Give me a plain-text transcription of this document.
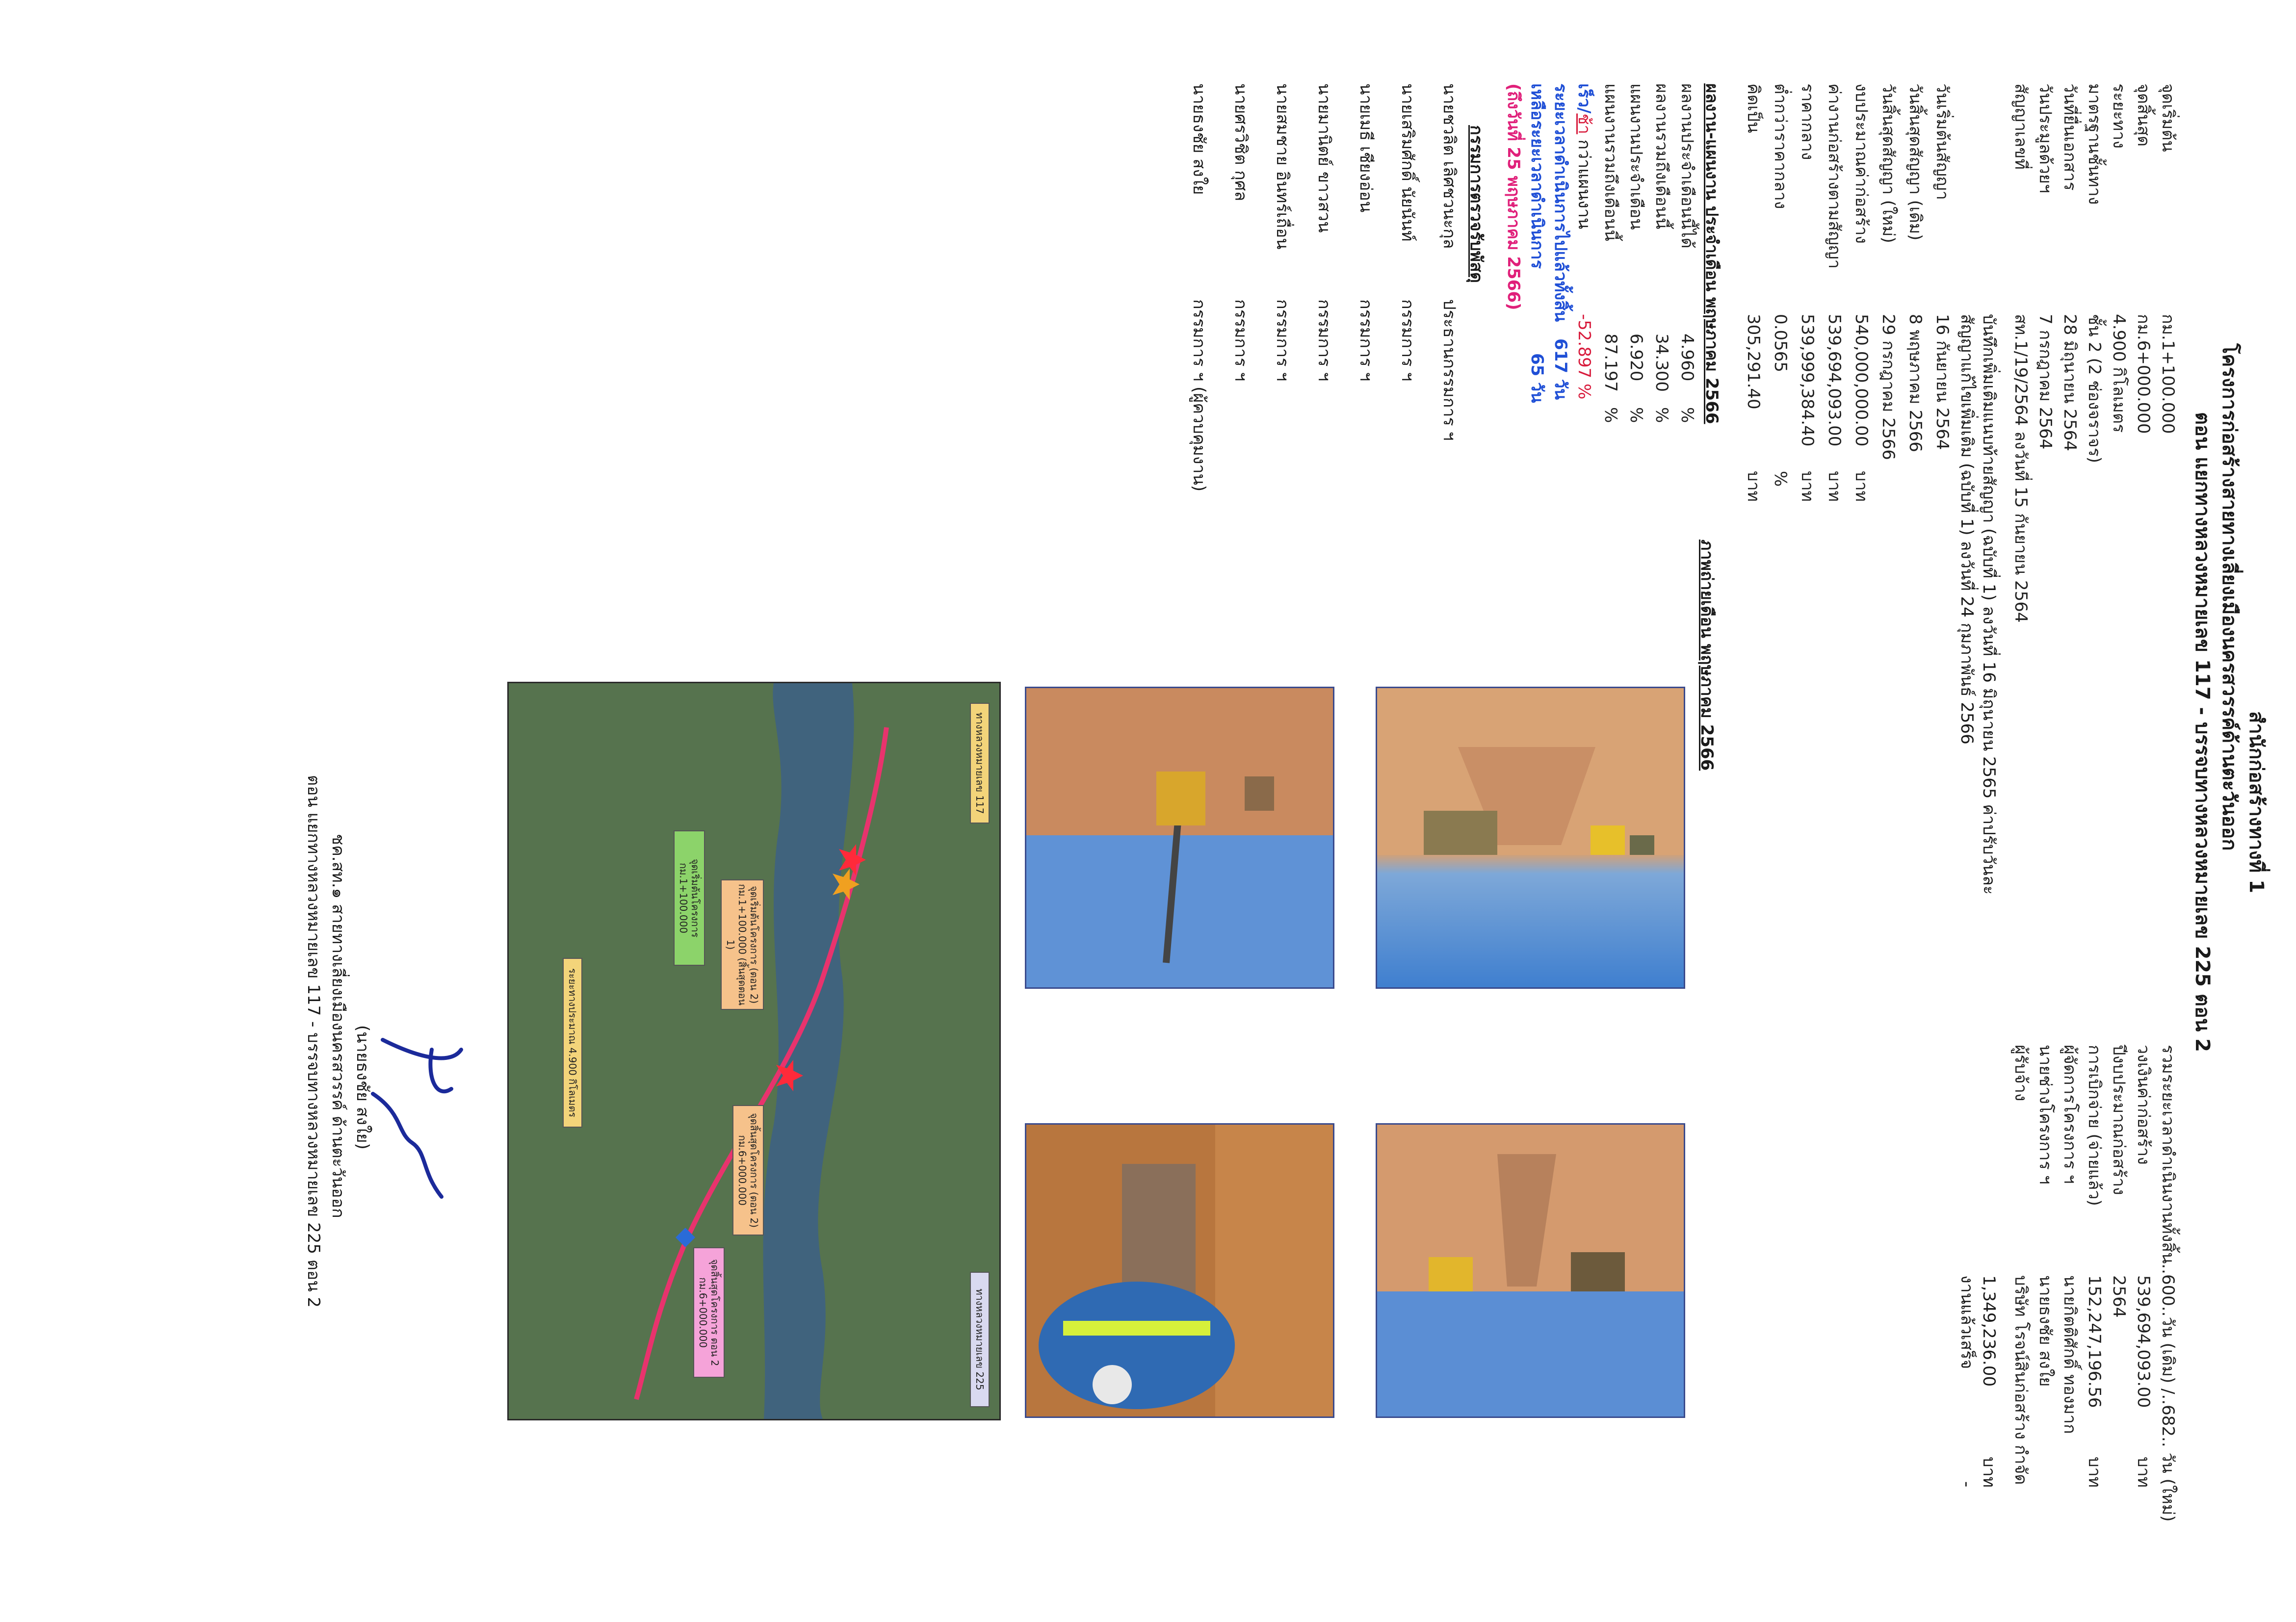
สำนักก่อสร้างทางที่ 1
โครงการก่อสร้างสายทางเลี่ยงเมืองนครสวรรค์ด้านตะวันออก
ตอน แยกทางหลวงหมายเลข 117 - บรรจบทางหลวงหมายเลข 225 ตอน 2
จุดเริ่มต้น
กม.1+100.000
จุดสิ้นสุด
กม.6+000.000
ระยะทาง
4.900 กิโลเมตร
มาตรฐานชั้นทาง
ชั้น 2 (2 ช่องจราจร)
วันที่ยื่นเอกสาร
28 มิถุนายน 2564
วันประมูลด้วยฯ
7 กรกฎาคม 2564
สัญญาเลขที่
สท.1/19/2564 ลงวันที่ 15 กันยายน 2564
รวมระยะเวลาดำเนินงานทั้งสิ้น..600..วัน (เดิม) /..682.. วัน (ใหม่)
วงเงินค่าก่อสร้าง
539,694,093.00
บาท
ปีงบประมาณก่อสร้าง
2564
การเบิกจ่าย (จ่ายแล้ว)
152,247,196.56
บาท
ผู้จัดการโครงการ ฯ
นายกิตติศักดิ์ ทองมาก
นายช่างโครงการ ฯ
นายธงชัย สงใย
ผู้รับจ้าง
บริษัท โรจน์สินก่อสร้าง กำจัด
บันทึกเพิ่มเติมแนบท้ายสัญญา (ฉบับที่ 1) ลงวันที่ 16 มิถุนายน 2565 ค่าปรับวันละ
1,349,236.00
บาท
สัญญาแก้ไขเพิ่มเติม (ฉบับที่ 1) ลงวันที่ 24 กุมภาพันธ์ 2566
งานแล้วเสร็จ
-
วันเริ่มต้นสัญญา
16 กันยายน 2564
วันสิ้นสุดสัญญา (เดิม)
8 พฤษภาคม 2566
วันสิ้นสุดสัญญา (ใหม่)
29 กรกฎาคม 2566
งบประมาณค่าก่อสร้าง
540,000,000.00
บาท
ค่างานก่อสร้างตามสัญญา
539,694,093.00
บาท
ราคากลาง
539,999,384.40
บาท
ต่ำกว่าราคากลาง
0.0565
%
คิดเป็น
305,291.40
บาท
ผลงาน-แผนงาน ประจำเดือน พฤษภาคม 2566
ผลงานประจำเดือนนี้ได้
4.960
%
ผลงานรวมถึงเดือนนี้
34.300
%
แผนงานประจำเดือน
6.920
%
แผนงานรวมถึงเดือนนี้
87.197
%
เร็ว/ช้า กว่าแผนงาน
-52.897 %
ระยะเวลาดำเนินการไปแล้วทั้งสิ้น
617 วัน
เหลือระยะเวลาดำเนินการ
65 วัน
(ถึงวันที่ 25 พฤษภาคม 2566)
กรรมการตรวจรับพัสดุ
นายชวลิต เลิศชวนะกุล
ประธานกรรมการ ฯ
นายเสริมศักดิ์ นัยนันท์
กรรมการ ฯ
นายเมธี เชียงอ่อน
กรรมการ ฯ
นายมานิตย์ ขาวสวน
กรรมการ ฯ
นายสมชาย อินทร์เถื่อน
กรรมการ ฯ
นายศรวิชิต กุศล
กรรมการ ฯ
นายธงชัย สงใย
กรรมการ ฯ (ผู้ควบคุมงาน)
ภาพถ่ายเดือน พฤษภาคม 2566
ทางหลวงหมายเลข 117
ทางหลวงหมายเลข 225
ระยะทางประมาณ 4.900 กิโลเมตร
จุดเริ่มต้นโครงการ กม.1+100.000	จุดเริ่มต้นโครงการ (ตอน 2) กม.1+100.000 (สิ้นสุดตอน 1)
จุดสิ้นสุดโครงการ (ตอน 2) กม.6+000.000
จุดสิ้นสุดโครงการ ตอน 2 กม.6+000.000
(นายธงชัย สงใย)
ชค.สท.๑ สายทางเลี่ยงเมืองนครสวรรค์ ด้านตะวันออก
ตอน แยกทางหลวงหมายเลข 117 - บรรจบทางหลวงหมายเลข 225 ตอน 2
